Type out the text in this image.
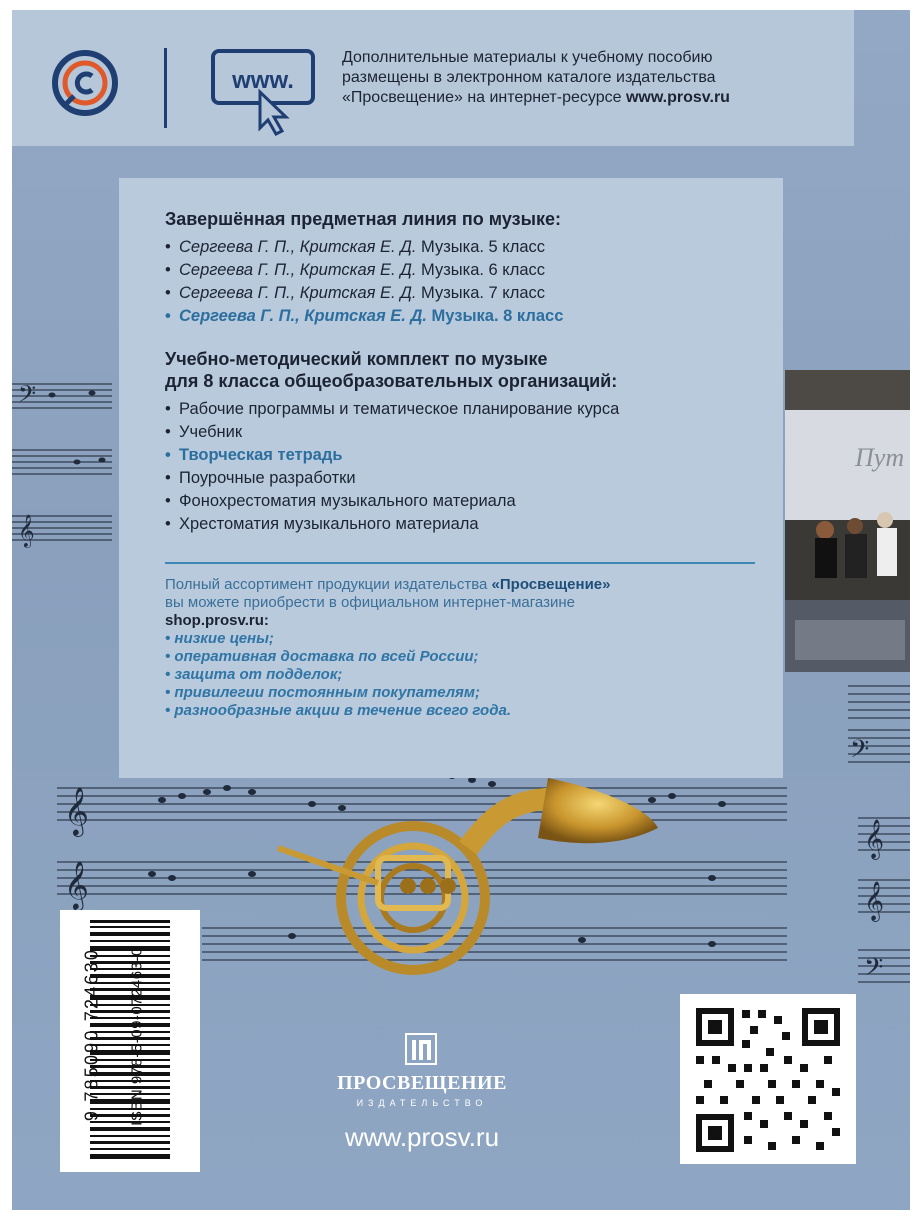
𝄞
𝄞
𝄞
𝄞
𝄢
𝄢
𝄢
𝄞
www.
Дополнительные материалы к учебному пособию
размещены в электронном каталоге издательства
«Просвещение» на интернет-ресурсе www.prosv.ru
Пут
Завершённая предметная линия по музыке:
• Сергеева Г. П., Критская Е. Д. Музыка. 5 класс
• Сергеева Г. П., Критская Е. Д. Музыка. 6 класс
• Сергеева Г. П., Критская Е. Д. Музыка. 7 класс
• Сергеева Г. П., Критская Е. Д. Музыка. 8 класс
Учебно-методический комплект по музыке
для 8 класса общеобразовательных организаций:
• Рабочие программы и тематическое планирование курса
• Учебник
• Творческая тетрадь
• Поурочные разработки
• Фонохрестоматия музыкального материала
• Хрестоматия музыкального материала
Полный ассортимент продукции издательства «Просвещение»
вы можете приобрести в официальном интернет-магазине
shop.prosv.ru:
• низкие цены;
• оперативная доставка по всей России;
• защита от подделок;
• привилегии постоянным покупателям;
• разнообразные акции в течение всего года.
9 785090 724630 ISBN 978-5-09-072463-0	ПРОСВЕЩЕНИЕ
ИЗДАТЕЛЬСТВО
www.prosv.ru
